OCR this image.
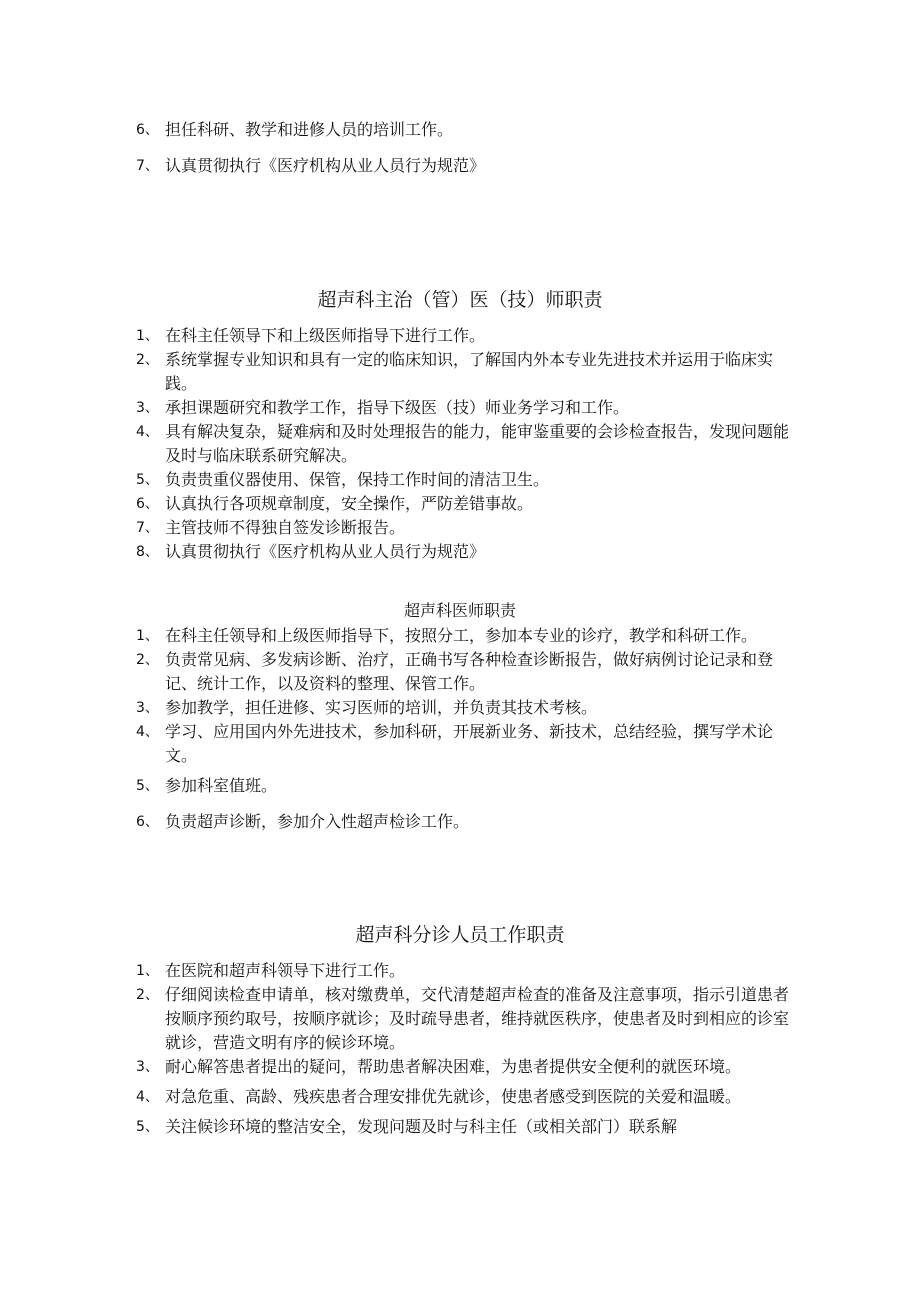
6、 担任科研、教学和进修人员的培训工作。
7、 认真贯彻执行《医疗机构从业人员行为规范》
超声科主治（管）医（技）师职责
1、 在科主任领导下和上级医师指导下进行工作。
2、 系统掌握专业知识和具有一定的临床知识，了解国内外本专业先进技术并运用于临床实践。
3、 承担课题研究和教学工作，指导下级医（技）师业务学习和工作。
4、 具有解决复杂，疑难病和及时处理报告的能力，能审鉴重要的会诊检查报告，发现问题能及时与临床联系研究解决。
5、 负责贵重仪器使用、保管，保持工作时间的清洁卫生。
6、 认真执行各项规章制度，安全操作，严防差错事故。
7、 主管技师不得独自签发诊断报告。
8、 认真贯彻执行《医疗机构从业人员行为规范》
超声科医师职责
1、 在科主任领导和上级医师指导下，按照分工，参加本专业的诊疗，教学和科研工作。
2、 负责常见病、多发病诊断、治疗，正确书写各种检查诊断报告，做好病例讨论记录和登记、统计工作，以及资料的整理、保管工作。
3、 参加教学，担任进修、实习医师的培训，并负责其技术考核。
4、 学习、应用国内外先进技术，参加科研，开展新业务、新技术，总结经验，撰写学术论文。
5、 参加科室值班。
6、 负责超声诊断，参加介入性超声检诊工作。
超声科分诊人员工作职责
1、 在医院和超声科领导下进行工作。
2、 仔细阅读检查申请单，核对缴费单，交代清楚超声检查的准备及注意事项，指示引道患者按顺序预约取号，按顺序就诊；及时疏导患者，维持就医秩序，使患者及时到相应的诊室就诊，营造文明有序的候诊环境。
3、 耐心解答患者提出的疑问，帮助患者解决困难，为患者提供安全便利的就医环境。
4、 对急危重、高龄、残疾患者合理安排优先就诊，使患者感受到医院的关爱和温暖。
5、 关注候诊环境的整洁安全，发现问题及时与科主任（或相关部门）联系解
